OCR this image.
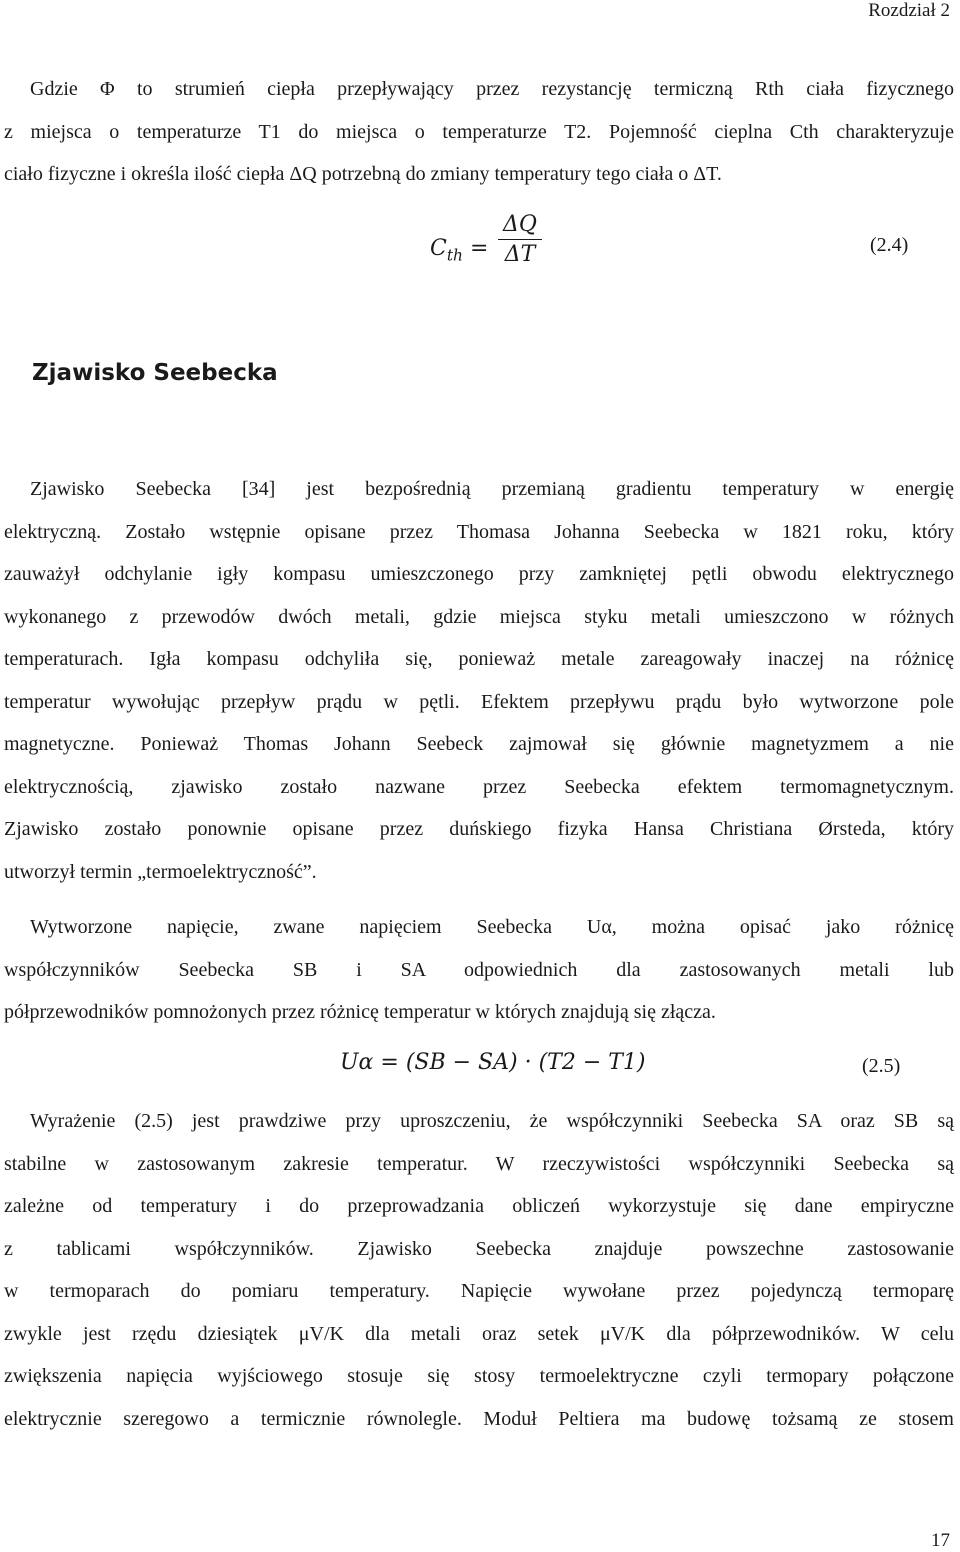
Rozdział 2
Gdzie Φ to strumień ciepła przepływający przez rezystancję termiczną Rth ciała fizycznego
z miejsca o temperaturze T1 do miejsca o temperaturze T2. Pojemność cieplna Cth charakteryzuje
ciało fizyczne i określa ilość ciepła ΔQ potrzebną do zmiany temperatury tego ciała o ΔT.
$C_{th}$ =
ΔQ
ΔT	(2.4)
Zjawisko Seebecka
Zjawisko Seebecka [34] jest bezpośrednią przemianą gradientu temperatury w energię
elektryczną. Zostało wstępnie opisane przez Thomasa Johanna Seebecka w 1821 roku, który
zauważył odchylanie igły kompasu umieszczonego przy zamkniętej pętli obwodu elektrycznego
wykonanego z przewodów dwóch metali, gdzie miejsca styku metali umieszczono w różnych
temperaturach. Igła kompasu odchyliła się, ponieważ metale zareagowały inaczej na różnicę
temperatur wywołując przepływ prądu w pętli. Efektem przepływu prądu było wytworzone pole
magnetyczne. Ponieważ Thomas Johann Seebeck zajmował się głównie magnetyzmem a nie
elektrycznością, zjawisko zostało nazwane przez Seebecka efektem termomagnetycznym.
Zjawisko zostało ponownie opisane przez duńskiego fizyka Hansa Christiana Ørsteda, który
utworzył termin „termoelektryczność”.
Wytworzone napięcie, zwane napięciem Seebecka Uα, można opisać jako różnicę
współczynników Seebecka SB i SA odpowiednich dla zastosowanych metali lub
półprzewodników pomnożonych przez różnicę temperatur w których znajdują się złącza.
Uα = (SB − SA) · (T2 − T1)	(2.5)
Wyrażenie (2.5) jest prawdziwe przy uproszczeniu, że współczynniki Seebecka SA oraz SB są
stabilne w zastosowanym zakresie temperatur. W rzeczywistości współczynniki Seebecka są
zależne od temperatury i do przeprowadzania obliczeń wykorzystuje się dane empiryczne
z tablicami współczynników. Zjawisko Seebecka znajduje powszechne zastosowanie
w termoparach do pomiaru temperatury. Napięcie wywołane przez pojedynczą termoparę
zwykle jest rzędu dziesiątek μV/K dla metali oraz setek μV/K dla półprzewodników. W celu
zwiększenia napięcia wyjściowego stosuje się stosy termoelektryczne czyli termopary połączone
elektrycznie szeregowo a termicznie równolegle. Moduł Peltiera ma budowę tożsamą ze stosem
17
